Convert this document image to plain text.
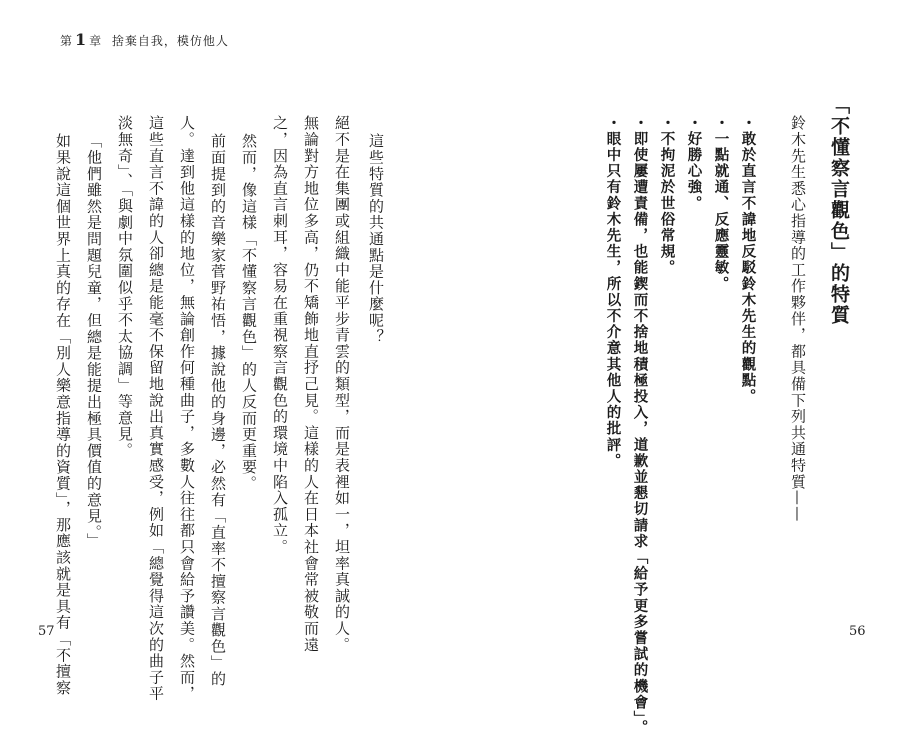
第 1 章 捨棄自我，模仿他人
「不懂察言觀色」的特質
鈴木先生悉心指導的工作夥伴，都具備下列共通特質——
・敢於直言不諱地反駁鈴木先生的觀點。
・一點就通、反應靈敏。
・好勝心強。
・不拘泥於世俗常規。
・即使屢遭責備，也能鍥而不捨地積極投入，道歉並懇切請求「給予更多嘗試的機會」。
・眼中只有鈴木先生，所以不介意其他人的批評。
這些特質的共通點是什麼呢？
絕不是在集團或組織中能平步青雲的類型，而是表裡如一，坦率真誠的人。
無論對方地位多高，仍不矯飾地直抒己見。這樣的人在日本社會常被敬而遠
之，因為直言刺耳，容易在重視察言觀色的環境中陷入孤立。
然而，像這樣「不懂察言觀色」的人反而更重要。
前面提到的音樂家菅野祐悟，據說他的身邊，必然有「直率不擅察言觀色」的
人。達到他這樣的地位，無論創作何種曲子，多數人往往都只會給予讚美。然而，
這些直言不諱的人卻總是能毫不保留地說出真實感受，例如「總覺得這次的曲子平
淡無奇」、「與劇中氛圍似乎不太協調」等意見。
「他們雖然是問題兒童，但總是能提出極具價值的意見。」
如果說這個世界上真的存在「別人樂意指導的資質」，那應該就是具有「不擅察
57	56
